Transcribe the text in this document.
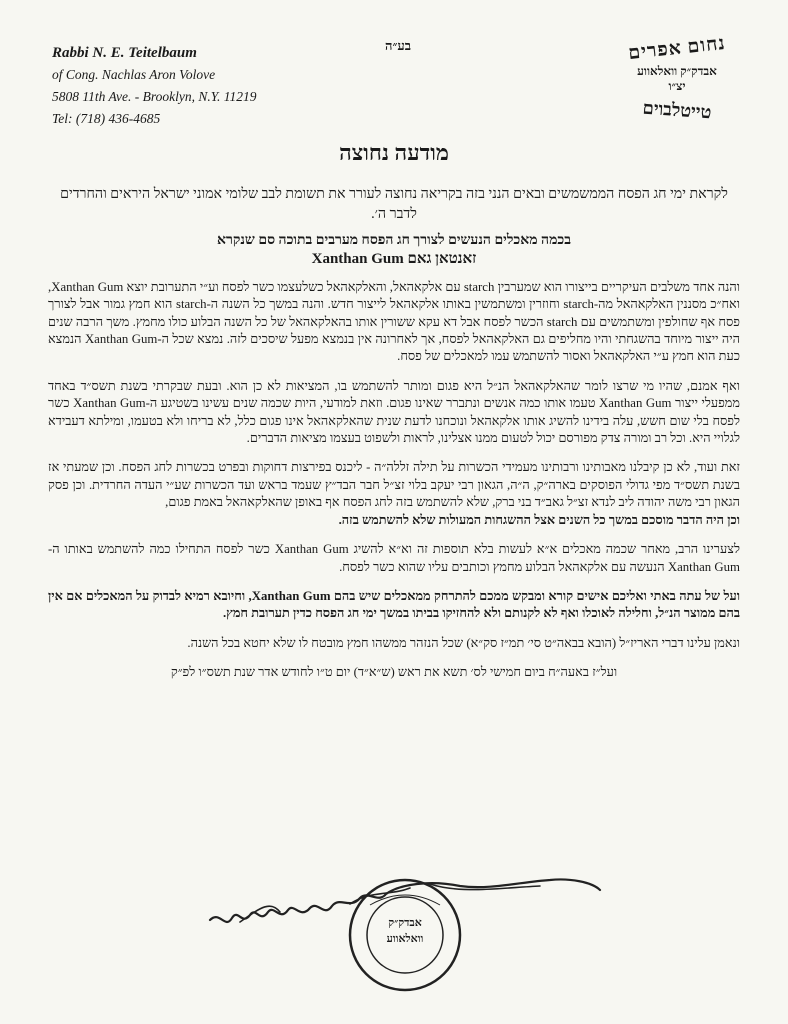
Rabbi N. E. Teitelbaum
of Cong. Nachlas Aron Volove
5808 11th Ave. - Brooklyn, N.Y. 11219
Tel: (718) 436-4685
בע״ה	נחום אפרים
אבדק״ק וואלאווע
יצ״ו
טייטלבוים
מודעה נחוצה

לקראת ימי חג הפסח הממשמשים ובאים הנני בזה בקריאה נחוצה לעורר את תשומת לבב שלומי אמוני ישראל היראים והחרדים לדבר ה׳.

בכמה מאכלים הנעשים לצורך חג הפסח מערבים בתוכה סם שנקרא

זאנטאן גאם Xanthan Gum

והנה אחד משלבים העיקריים בייצורו הוא שמערבין starch עם אלקאהאל, והאלקאהאל כשלעצמו כשר לפסח וע״י התערובת יוצא Xanthan Gum, ואח״כ מסננין האלקאהאל מה-starch וחוזרין ומשתמשין באותו אלקאהאל לייצור חדש. והנה במשך כל השנה ה-starch הוא חמץ גמור אבל לצורך פסח אף שחולפין ומשתמשים עם starch הכשר לפסח אבל דא עקא ששורין אותו בהאלקאהאל של כל השנה הבלוע כולו מחמץ. משך הרבה שנים היה ייצור מיוחד בהשגחתי והיו מחליפים גם האלקאהאל לפסח, אך לאחרונה אין בנמצא מפעל שיסכים לזה. נמצא שכל ה-Xanthan Gum הנמצא כעת הוא חמץ ע״י האלקאהאל ואסור להשתמש עמו למאכלים של פסח.

ואף אמנם, שהיו מי שרצו לומר שהאלקאהאל הנ״ל היא פגום ומותר להשתמש בו, המציאות לא כן הוא. ובעת שבקרתי בשנת תשס״ד באחד ממפעלי ייצור Xanthan Gum טעמו אותו כמה אנשים ונתברר שאינו פגום. וזאת למודעי, היות שכמה שנים עשינו בשטיגע ה-Xanthan Gum כשר לפסח בלי שום חשש, עלה בידינו להשיג אותו אלקאהאל ונוכחנו לדעת שנית שהאלקאהאל אינו פגום כלל, לא בריחו ולא בטעמו, ומילתא דעבידא לגלויי היא. וכל רב ומורה צדק מפורסם יכול לטעום ממנו אצלינו, לראות ולשפוט בעצמו מציאות הדברים.

זאת ועוד, לא כן קיבלנו מאבותינו ורבותינו מעמידי הכשרות על תילה זללה״ה - ליכנס בפירצות דחוקות ובפרט בכשרות לחג הפסח. וכן שמעתי אז בשנת תשס״ד מפי גדולי הפוסקים בארה״ק, ה״ה, הגאון רבי יעקב בלוי זצ״ל חבר הבד״ץ שעמד בראש ועד הכשרות שע״י העדה החרדית. וכן פסק הגאון רבי משה יהודה ליב לנדא זצ״ל גאב״ד בני ברק, שלא להשתמש בזה לחג הפסח אף באופן שהאלקאהאל באמת פגום,

וכן היה הדבר מוסכם במשך כל השנים אצל ההשגחות המעולות שלא להשתמש בזה.

לצערינו הרב, מאחר שכמה מאכלים א״א לעשות בלא תוספות זה וא״א להשיג Xanthan Gum כשר לפסח התחילו כמה להשתמש באותו ה-Xanthan Gum הנעשה עם אלקאהאל הבלוע מחמץ וכותבים עליו שהוא כשר לפסח.

ועל של עתה באתי ואליכם אישים קורא ומבקש ממכם להתרחק ממאכלים שיש בהם Xanthan Gum, וחיובא רמיא לבדוק על המאכלים אם אין בהם ממוצר הנ״ל, וחלילה לאוכלו ואף לא לקנותם ולא להחזיקו בביתו במשך ימי חג הפסח כדין תערובת חמץ.

ונאמן עלינו דברי האריז״ל (הובא בבאה״ט סי׳ תמ״ז סק״א) שכל הנזהר ממשהו חמץ מובטח לו שלא יחטא בכל השנה.

ועל״ז באעה״ח ביום חמישי לס׳ תשא את ראש (ש״א״ד) יום ט״ו לחודש אדר שנת תשס״ו לפ״ק

אבדק״ק
וואלאווע
